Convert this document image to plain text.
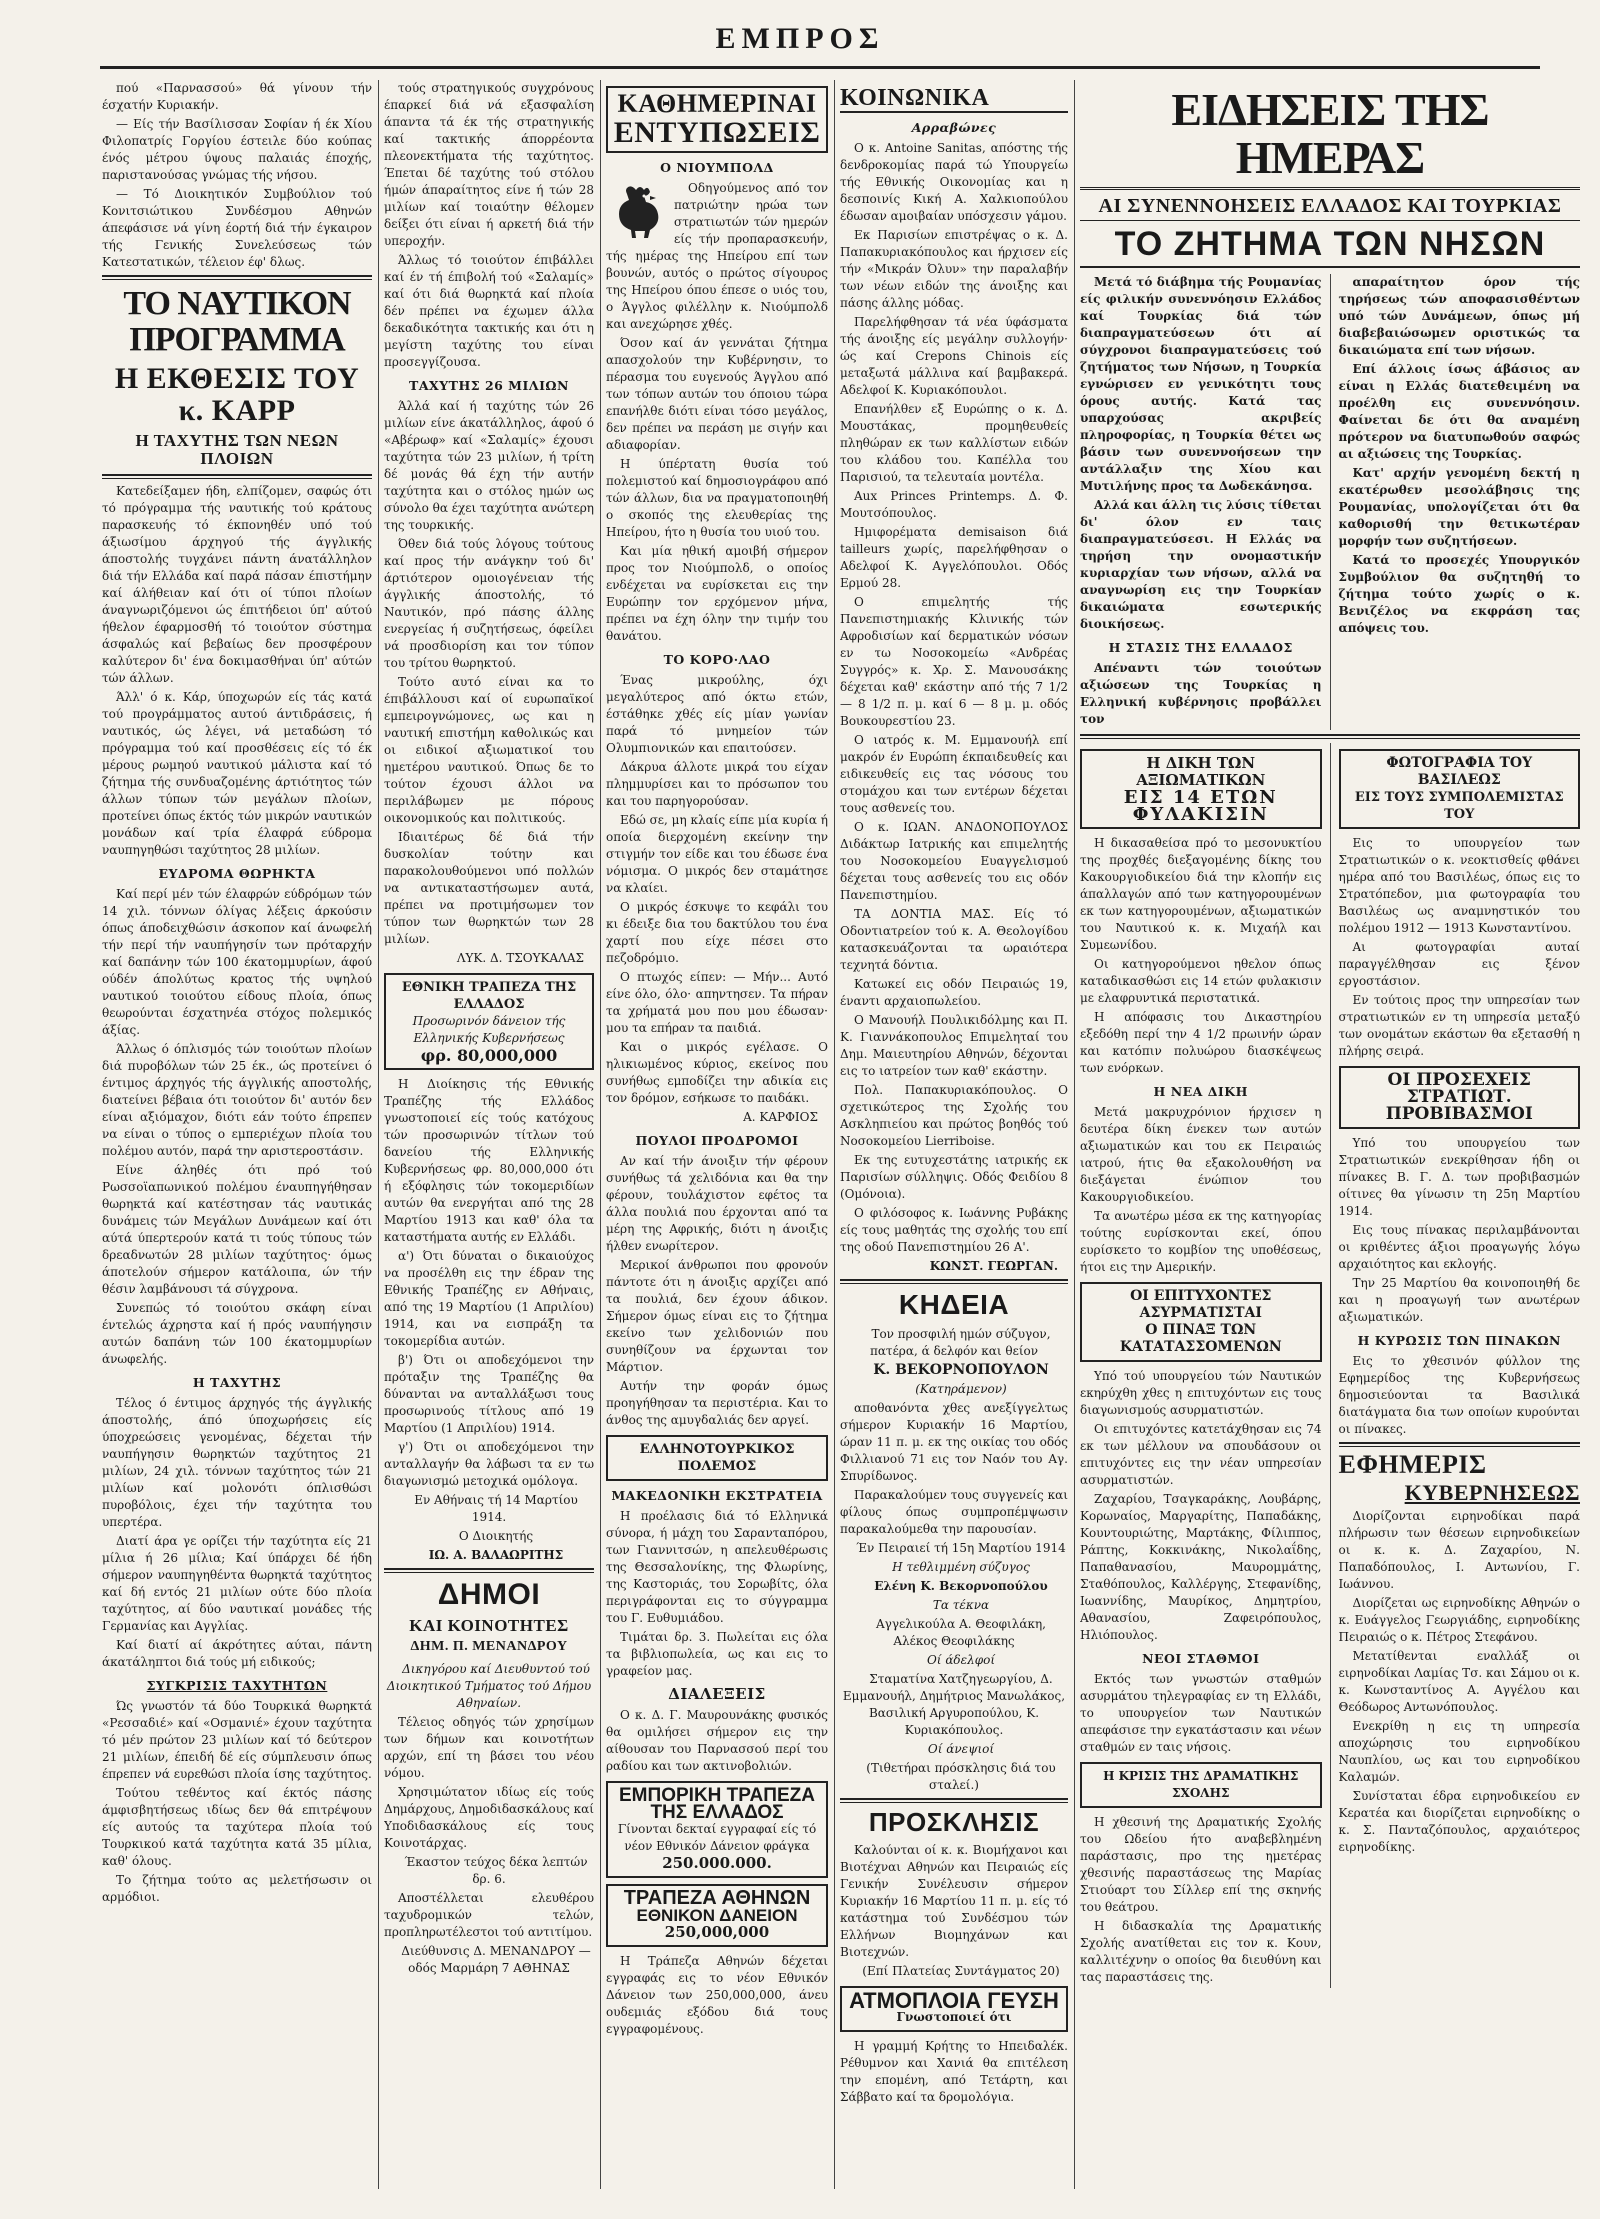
ΕΜΠΡΟΣ

πού «Παρνασσού» θά γίνουν τήν έσχατήν Κυριακήν.

— Είς τήν Βασίλισσαν Σοφίαν ή έκ Χίου Φιλοπατρίς Γοργίου έστειλε δύο κούπας ένός μέτρου ύψους παλαιάς έποχής, παριστανούσας γνώμας τής νήσου.

— Τό Διοικητικόν Συμβούλιον τού Κονιτσιώτικου Συνδέσμου Αθηνών άπεφάσισε νά γίνη έορτή διά τήν έγκαιρον τής Γενικής Συνελεύσεως τών Κατεστατικών, τέλειον έφ' δλως.

ΤΟ ΝΑΥΤΙΚΟΝ ΠΡΟΓΡΑΜΜΑ
Η ΕΚΘΕΣΙΣ ΤΟΥ κ. ΚΑΡΡ
Η ΤΑΧΥΤΗΣ ΤΩΝ ΝΕΩΝ ΠΛΟΙΩΝ

Κατεδείξαμεν ήδη, ελπίζομεν, σαφώς ότι τό πρόγραμμα τής ναυτικής τού κράτους παρασκευής τό έκπονηθέν υπό τού άξιωσίμου άρχηγού τής άγγλικής άποστολής τυγχάνει πάντη άνατάλληλον διά τήν Ελλάδα καί παρά πάσαν έπιστήμην καί άλήθειαν καί ότι οί τύποι πλοίων άναγνωριζόμενοι ώς έπιτήδειοι ύπ' αύτού ήθελον έφαρμοσθή τό τοιούτον σύστημα άσφαλώς καί βεβαίως δεν προσφέρουν καλύτερον δι' ένα δοκιμασθήναι ύπ' αύτών τών άλλων.

Άλλ' ό κ. Κάρ, ύποχωρών είς τάς κατά τού προγράμματος αυτού άντιδράσεις, ή ναυτικός, ώς λέγει, νά μεταδώση τό πρόγραμμα τού καί προσθέσεις είς τό έκ μέρους ρωμηού ναυτικού μάλιστα καί τό ζήτημα τής συνδυαζομένης άρτιότητος τών άλλων τύπων τών μεγάλων πλοίων, προτείνει όπως έκτός τών μικρών ναυτικών μονάδων καί τρία έλαφρά εύδρομα ναυπηγηθώσι ταχύτητος 28 μιλίων.

ΕΥΔΡΟΜΑ ΘΩΡΗΚΤΑ

Καί περί μέν τών έλαφρών εύδρόμων τών 14 χιλ. τόννων όλίγας λέξεις άρκούσιν όπως άποδειχθώσιν άσκοπον καί άνωφελή τήν περί τήν ναυπήγησίν των πρόταρχήν καί δαπάνην τών 100 έκατομμυρίων, άφού ούδέν άπολύτως κρατος τής υψηλού ναυτικού τοιούτου είδους πλοία, όπως θεωρούνται έσχατηνέα στόχος πολεμικός άξίας.

Άλλως ό όπλισμός τών τοιούτων πλοίων διά πυροβόλων τών 25 έκ., ώς προτείνει ό έντιμος άρχηγός τής άγγλικής αποστολής, διατείνει βέβαια ότι τοιούτον δι' αυτόν δεν είναι αξιόμαχον, διότι εάν τούτο έπρεπεν να είναι ο τύπος ο εμπεριέχων πλοία του πολέμου αυτόν, παρά την αριστεροστάσιν.

Είνε άληθές ότι πρό τού Ρωσσοϊαπωνικού πολέμου έναυπηγήθησαν θωρηκτά καί κατέστησαν τάς ναυτικάς δυνάμεις τών Μεγάλων Δυνάμεων καί ότι αύτά ύπερτερούν κατά τι τούς τύπους τών δρεαδνωτών 28 μιλίων ταχύτητος· όμως άποτελούν σήμερον κατάλοιπα, ών τήν θέσιν λαμβάνουσι τά σύγχρονα.

Συνεπώς τό τοιούτου σκάφη είναι έντελώς άχρηστα καί ή πρός ναυπήγησιν αυτών δαπάνη τών 100 έκατομμυρίων άνωφελής.

Η ΤΑΧΥΤΗΣ

Τέλος ό έντιμος άρχηγός τής άγγλικής άποστολής, άπό ύποχωρήσεις είς ύποχρεώσεις γενομένας, δέχεται τήν ναυπήγησιν θωρηκτών ταχύτητος 21 μιλίων, 24 χιλ. τόννων ταχύτητος τών 21 μιλίων καί μολονότι όπλισθώσι πυροβόλοις, έχει τήν ταχύτητα του υπερτέρα.

Διατί άρα γε ορίζει τήν ταχύτητα είς 21 μίλια ή 26 μίλια; Καί ύπάρχει δέ ήδη σήμερον ναυπηγηθέντα θωρηκτά ταχύτητος καί δή εντός 21 μιλίων ούτε δύο πλοία ταχύτητος, αί δύο ναυτικαί μονάδες τής Γερμανίας και Αγγλίας.

Καί διατί αί άκρότητες αύται, πάντη άκατάληπτοι διά τούς μή ειδικούς;

ΣΥΓΚΡΙΣΙΣ ΤΑΧΥΤΗΤΩΝ

Ώς γνωστόν τά δύο Τουρκικά θωρηκτά «Ρεσσαδιέ» καί «Οσμανιέ» έχουν ταχύτητα τό μέν πρώτον 23 μιλίων καί τό δεύτερον 21 μιλίων, έπειδή δέ είς σύμπλευσιν όπως έπρεπεν νά ευρεθώσι πλοία ίσης ταχύτητος.

Τούτου τεθέντος καί έκτός πάσης άμφισβητήσεως ιδίως δεν θά επιτρέψουν είς αυτούς τα ταχύτερα πλοία τού Τουρκικού κατά ταχύτητα κατά 35 μίλια, καθ' όλους.

Το ζήτημα τούτο ας μελετήσωσιν οι αρμόδιοι.

τούς στρατηγικούς συγχρόνους έπαρκεί διά νά εξασφαλίση άπαντα τά έκ τής στρατηγικής καί τακτικής άπορρέοντα πλεονεκτήματα τής ταχύτητος. Έπεται δέ ταχύτης τού στόλου ήμών άπαραίτητος είνε ή τών 28 μιλίων καί τοιαύτην θέλομεν δείξει ότι είναι ή αρκετή διά τήν υπεροχήν.

Άλλως τό τοιούτον έπιβάλλει καί έν τή έπιβολή τού «Σαλαμίς» καί ότι διά θωρηκτά καί πλοία δέν πρέπει να έχωμεν άλλα δεκαδικότητα τακτικής και ότι η μεγίστη ταχύτης του είναι προσεγγίζουσα.

ΤΑΧΥΤΗΣ 26 ΜΙΛΙΩΝ

Άλλά καί ή ταχύτης τών 26 μιλίων είνε άκατάλληλος, άφού ό «Αβέρωφ» καί «Σαλαμίς» έχουσι ταχύτητα τών 23 μιλίων, ή τρίτη δέ μονάς θά έχη τήν αυτήν ταχύτητα και ο στόλος ημών ως σύνολο θα έχει ταχύτητα ανώτερη της τουρκικής.

Όθεν διά τούς λόγους τούτους καί προς τήν ανάγκην τού δι' άρτιότερον ομοιογένειαν τής άγγλικής άποστολής, τό Ναυτικόν, πρό πάσης άλλης ενεργείας ή συζητήσεως, όφείλει νά προσδιορίση και τον τύπον του τρίτου θωρηκτού.

Τούτο αυτό είναι κα το έπιβάλλουσι καί οί ευρωπαϊκοί εμπειρογνώμονες, ως και η ναυτική επιστήμη καθολικώς και οι ειδικοί αξιωματικοί του ημετέρου ναυτικού. Όπως δε το τούτον έχουσι άλλοι να περιλάβωμεν με πόρους οικονομικούς και πολιτικούς.

Ιδιαιτέρως δέ διά τήν δυσκολίαν τούτην και παρακολουθούμενοι υπό πολλών να αντικαταστήσωμεν αυτά, πρέπει να προτιμήσωμεν τον τύπον των θωρηκτών των 28 μιλίων.

ΛΥΚ. Δ. ΤΣΟΥΚΑΛΑΣ
ΕΘΝΙΚΗ ΤΡΑΠΕΖΑ ΤΗΣ ΕΛΛΑΔΟΣ
Προσωρινόν δάνειον τής Ελληνικής Κυβερνήσεως
φρ. 80,000,000

Η Διοίκησις τής Εθνικής Τραπέζης τής Ελλάδος γνωστοποιεί είς τούς κατόχους τών προσωρινών τίτλων τού δανείου τής Ελληνικής Κυβερνήσεως φρ. 80,000,000 ότι ή εξόφλησις τών τοκομεριδίων αυτών θα ενεργήται από της 28 Μαρτίου 1913 και καθ' όλα τα καταστήματα αυτής εν Ελλάδι.

α') Ότι δύναται ο δικαιούχος να προσέλθη εις την έδραν της Εθνικής Τραπέζης εν Αθήναις, από της 19 Μαρτίου (1 Απριλίου) 1914, και να εισπράξη τα τοκομερίδια αυτών.

β') Ότι οι αποδεχόμενοι την πρόταξιν της Τραπέζης θα δύνανται να ανταλλάξωσι τους προσωρινούς τίτλους από 19 Μαρτίου (1 Απριλίου) 1914.

γ') Ότι οι αποδεχόμενοι την ανταλλαγήν θα λάβωσι τα εν τω διαγωνισμώ μετοχικά ομόλογα.

Εν Αθήναις τή 14 Μαρτίου 1914.

Ο Διοικητής

ΙΩ. Α. ΒΑΛΑΩΡΙΤΗΣ

ΔΗΜΟΙ
ΚΑΙ ΚΟΙΝΟΤΗΤΕΣ
ΔΗΜ. Π. ΜΕΝΑΝΔΡΟΥ

Δικηγόρου καί Διευθυντού τού Διοικητικού Τμήματος τού Δήμου Αθηναίων.

Τέλειος οδηγός τών χρησίμων των δήμων και κοινοτήτων αρχών, επί τη βάσει του νέου νόμου.

Χρησιμώτατον ιδίως είς τούς Δημάρχους, Δημοδιδασκάλους καί Υποδιδασκάλους είς τους Κοινοτάρχας.

Έκαστον τεύχος δέκα λεπτών δρ. 6.

Αποστέλλεται ελευθέρου ταχυδρομικών τελών, προπληρωτέλεστοι τού αντιτίμου.

Διεύθυνσις Δ. ΜΕΝΑΝΔΡΟΥ — οδός Μαρμάρη 7 ΑΘΗΝΑΣ

ΚΑΘΗΜΕΡΙΝΑΙ
ΕΝΤΥΠΩΣΕΙΣ
Ο ΝΙΟΥΜΠΟΛΔ

Οδηγούμενος από τον πατριώτην ηρώα των στρατιωτών τών ημερών είς τήν προπαρασκευήν, τής ημέρας της Ηπείρου επί των βουνών, αυτός ο πρώτος σίγουρος της Ηπείρου όπου έπεσε ο υιός του, ο Άγγλος φιλέλλην κ. Νιούμπολδ και ανεχώρησε χθές.

Όσον καί άν γεννάται ζήτημα απασχολούν την Κυβέρνησιν, το πέρασμα του ευγενούς Άγγλου από των τόπων αυτών του όποιου τώρα επανήλθε διότι είναι τόσο μεγάλος, δεν πρέπει να περάση με σιγήν και αδιαφορίαν.

Η ύπέρτατη θυσία τού πολεμιστού καί δημοσιογράφου από τών άλλων, δια να πραγματοποιηθή ο σκοπός της ελευθερίας της Ηπείρου, ήτο η θυσία του υιού του.

Και μία ηθική αμοιβή σήμερον προς τον Νιούμπολδ, ο οποίος ενδέχεται να ευρίσκεται εις την Ευρώπην τον ερχόμενον μήνα, πρέπει να έχη όλην την τιμήν του θανάτου.

ΤΟ ΚΟΡΟ·ΛΑΟ

Ένας μικρούλης, όχι μεγαλύτερος από όκτω ετών, έστάθηκε χθές είς μίαν γωνίαν παρά τό μνημείον τών Ολυμπιονικών και επαιτούσεν.

Δάκρυα άλλοτε μικρά του είχαν πλημμυρίσει και το πρόσωπον του και του παρηγορούσαν.

Εδώ σε, μη κλαίς είπε μία κυρία ή οποία διερχομένη εκείνην την στιγμήν τον είδε και του έδωσε ένα νόμισμα. Ο μικρός δεν σταμάτησε να κλαίει.

Ο μικρός έσκυψε το κεφάλι του κι έδειξε δια του δακτύλου του ένα χαρτί που είχε πέσει στο πεζοδρόμιο.

Ο πτωχός είπεν: — Μήν... Αυτό είνε όλο, όλο· απηντησεν. Τα πήραν τα χρήματά μου που μου έδωσαν· μου τα επήραν τα παιδιά.

Και ο μικρός εγέλασε. Ο ηλικιωμένος κύριος, εκείνος που συνήθως εμποδίζει την αδικία εις τον δρόμον, εσήκωσε το παιδάκι.

Α. ΚΑΡΦΙΟΣ
ΠΟΥΛΟΙ ΠΡΟΔΡΟΜΟΙ

Αν καί τήν άνοιξιν τήν φέρουν συνήθως τά χελιδόνια και θα την φέρουν, τουλάχιστον εφέτος τα άλλα πουλιά που έρχονται από τα μέρη της Αφρικής, διότι η άνοιξις ήλθεν ενωρίτερον.

Μερικοί άνθρωποι που φρονούν πάντοτε ότι η άνοιξις αρχίζει από τα πουλιά, δεν έχουν άδικον. Σήμερον όμως είναι εις το ζήτημα εκείνο των χελιδονιών που συνηθίζουν να έρχωνται τον Μάρτιον.

Αυτήν την φοράν όμως προηγήθησαν τα περιστέρια. Και το άνθος της αμυγδαλιάς δεν αργεί.

ΕΛΛΗΝΟΤΟΥΡΚΙΚΟΣ ΠΟΛΕΜΟΣ
ΜΑΚΕΔΟΝΙΚΗ ΕΚΣΤΡΑΤΕΙΑ

Η προέλασις διά τό Ελληνικά σύνορα, ή μάχη του Σαρανταπόρου, των Γιαννιτσών, η απελευθέρωσις της Θεσσαλονίκης, της Φλωρίνης, της Καστοριάς, του Σορωβίτς, όλα περιγράφονται εις το σύγγραμμα του Γ. Ευθυμιάδου.

Τιμάται δρ. 3. Πωλείται εις όλα τα βιβλιοπωλεία, ως και εις το γραφείον μας.

ΔΙΑΛΕΞΕΙΣ

Ο κ. Δ. Γ. Μαυρουνάκης φυσικός θα ομιλήσει σήμερον εις την αίθουσαν του Παρνασσού περί του ραδίου και των ακτινοβολιών.

ΕΜΠΟΡΙΚΗ ΤΡΑΠΕΖΑ
ΤΗΣ ΕΛΛΑΔΟΣ
Γίνονται δεκταί εγγραφαί είς τό νέον Εθνικόν Δάνειον φράγκα
250.000.000.
ΤΡΑΠΕΖΑ ΑΘΗΝΩΝ
ΕΘΝΙΚΟΝ ΔΑΝΕΙΟΝ
250,000,000

Η Τράπεζα Αθηνών δέχεται εγγραφάς εις το νέον Εθνικόν Δάνειον των 250,000,000, άνευ ουδεμιάς εξόδου διά τους εγγραφομένους.

ΚΟΙΝΩΝΙΚΑ
Αρραβώνες

Ο κ. Antoine Sanitas, απόστης τής δενδροκομίας παρά τώ Υπουργείω τής Εθνικής Οικονομίας και η δεσποινίς Κική Α. Χαλκιοπούλου έδωσαν αμοιβαίαν υπόσχεσιν γάμου.

Εκ Παρισίων επιστρέψας ο κ. Δ. Παπακυριακόπουλος και ήρχισεν είς τήν «Μικράν Όλυν» την παραλαβήν των νέων ειδών της άνοιξης και πάσης άλλης μόδας.

Παρελήφθησαν τά νέα ύφάσματα τής άνοιξης είς μεγάλην συλλογήν· ώς καί Crepons Chinois είς μεταξωτά μάλλινα καί βαμβακερά. Αδελφοί Κ. Κυριακόπουλοι.

Επανήλθεν εξ Ευρώπης ο κ. Δ. Μουστάκας, προμηθευθείς πληθώραν εκ των καλλίστων ειδών του κλάδου του. Καπέλλα του Παρισιού, τα τελευταία μοντέλα.

Aux Princes Printemps. Δ. Φ. Μουτσόπουλος.

Ημιφορέματα demisaison διά tailleurs χωρίς, παρελήφθησαν ο Αδελφοί Κ. Αγγελόπουλοι. Οδός Ερμού 28.

Ο επιμελητής τής Πανεπιστημιακής Κλινικής τών Αφροδισίων καί δερματικών νόσων εν τω Νοσοκομείω «Ανδρέας Συγγρός» κ. Χρ. Σ. Μανουσάκης δέχεται καθ' εκάστην από τής 7 1/2 — 8 1/2 π. μ. καί 6 — 8 μ. μ. οδός Βουκουρεστίου 23.

Ο ιατρός κ. Μ. Εμμανουήλ επί μακρόν έν Ευρώπη έκπαιδευθείς και ειδικευθείς εις τας νόσους του στομάχου και των εντέρων δέχεται τους ασθενείς του.

Ο κ. ΙΩΑΝ. ΑΝΔΟΝΟΠΟΥΛΟΣ Διδάκτωρ Ιατρικής και επιμελητής του Νοσοκομείου Ευαγγελισμού δέχεται τους ασθενείς του εις οδόν Πανεπιστημίου.

ΤΑ ΔΟΝΤΙΑ ΜΑΣ. Είς τό Οδοντιατρείον τού κ. Α. Θεολογίδου κατασκευάζονται τα ωραιότερα τεχνητά δόντια.

Κατωκεί εις οδόν Πειραιώς 19, έναντι αρχαιοπωλείου.

Ο Μανουήλ Πουλικιδόλμης και Π. Κ. Γιαννάκοπουλος Επιμεληταί του Δημ. Μαιευτηρίου Αθηνών, δέχονται εις το ιατρείον των καθ' εκάστην.

Πολ. Παπακυριακόπουλος. Ο σχετικώτερος της Σχολής του Ασκληπιείου και πρώτος βοηθός τού Νοσοκομείου Lierriboise.

Εκ της ευτυχεστάτης ιατρικής εκ Παρισίων σύλληψις. Οδός Φειδίου 8 (Ομόνοια).

Ο φιλόσοφος κ. Ιωάννης Ρυβάκης είς τους μαθητάς της σχολής του επί της οδού Πανεπιστημίου 26 Α'.

ΚΩΝΣΤ. ΓΕΩΡΓΑΝ.
ΚΗΔΕΙΑ

Τον προσφιλή ημών σύζυγον, πατέρα, ά δελφόν και θείον

Κ. ΒΕΚΟΡΝΟΠΟΥΛΟΝ

(Κατηράμενον)

αποθανόντα χθες ανεξίγγελτως σήμερον Κυριακήν 16 Μαρτίου, ώραν 11 π. μ. εκ της οικίας του οδός Φιλλιανού 71 εις τον Ναόν του Αγ. Σπυρίδωνος.

Παρακαλούμεν τους συγγενείς και φίλους όπως συμπροπέμψωσιν παρακαλούμεθα την παρουσίαν.

Έν Πειραιεί τή 15η Μαρτίου 1914

Η τεθλιμμένη σύζυγος

Ελένη Κ. Βεκορνοπούλου

Τα τέκνα

Αγγελικούλα Α. Θεοφιλάκη, Αλέκος Θεοφιλάκης

Οί άδελφοί

Σταματίνα Χατζηγεωργίου, Δ. Εμμανουήλ, Δημήτριος Μανωλάκος, Βασιλική Αργυροπούλου, Κ. Κυριακόπουλος.

Οί άνεψιοί

(Τιθετήραι πρόσκλησις διά του σταλεί.)

ΠΡΟΣΚΛΗΣΙΣ

Καλούνται οί κ. κ. Βιομήχανοι και Βιοτέχναι Αθηνών και Πειραιώς είς Γενικήν Συνέλευσιν σήμερον Κυριακήν 16 Μαρτίου 11 π. μ. είς τό κατάστημα τού Συνδέσμου τών Ελλήνων Βιομηχάνων και Βιοτεχνών.

(Επί Πλατείας Συντάγματος 20)

ΑΤΜΟΠΛΟΙΑ ΓΕΥΣΗ
Γνωστοποιεί ότι

Η γραμμή Κρήτης το Ηπειδαλέκ. Ρέθυμνον και Χανιά θα επιτέλεση την επομένη, από Τετάρτη, και Σάββατο καί τα δρομολόγια.

ΕΙΔΗΣΕΙΣ ΤΗΣ ΗΜΕΡΑΣ
ΑΙ ΣΥΝΕΝΝΟΗΣΕΙΣ ΕΛΛΑΔΟΣ ΚΑΙ ΤΟΥΡΚΙΑΣ
ΤΟ ΖΗΤΗΜΑ ΤΩΝ ΝΗΣΩΝ

Μετά τό διάβημα τής Ρουμανίας είς φιλικήν συνεννόησιν Ελλάδος καί Τουρκίας διά τών διαπραγματεύσεων ότι αί σύγχρονοι διαπραγματεύσεις τού ζητήματος των Νήσων, η Τουρκία εγνώρισεν εν γενικότητι τους όρους αυτής. Κατά τας υπαρχούσας ακριβείς πληροφορίας, η Τουρκία θέτει ως βάσιν των συνεννοήσεων την αντάλλαξιν της Χίου και Μυτιλήνης προς τα Δωδεκάνησα.

Αλλά και άλλη τις λύσις τίθεται δι' όλον εν ταις διαπραγματεύσεσι. Η Ελλάς να τηρήση την ονομαστικήν κυριαρχίαν των νήσων, αλλά να αναγνωρίση εις την Τουρκίαν δικαιώματα εσωτερικής διοικήσεως.

Η ΣΤΑΣΙΣ ΤΗΣ ΕΛΛΑΔΟΣ

Απέναντι τών τοιούτων αξιώσεων της Τουρκίας η Ελληνική κυβέρνησις προβάλλει τον

απαραίτητον όρον τής τηρήσεως τών αποφασισθέντων υπό τών Δυνάμεων, όπως μή διαβεβαιώσωμεν οριστικώς τα δικαιώματα επί των νήσων.

Επί άλλοις ίσως άβάσιος αν είναι η Ελλάς διατεθειμένη να προέλθη εις συνεννόησιν. Φαίνεται δε ότι θα αναμένη πρότερον να διατυπωθούν σαφώς αι αξιώσεις της Τουρκίας.

Κατ' αρχήν γενομένη δεκτή η εκατέρωθεν μεσολάβησις της Ρουμανίας, υπολογίζεται ότι θα καθορισθή την θετικωτέραν μορφήν των συζητήσεων.

Κατά το προσεχές Υπουργικόν Συμβούλιον θα συζητηθή το ζήτημα τούτο χωρίς ο κ. Βενιζέλος να εκφράση τας απόψεις του.

Η ΔΙΚΗ ΤΩΝ ΑΞΙΩΜΑΤΙΚΩΝ
ΕΙΣ 14 ΕΤΩΝ ΦΥΛΑΚΙΣΙΝ

Η δικασαθείσα πρό το μεσονυκτίου της προχθές διεξαγομένης δίκης του Κακουργιοδικείου διά την κλοπήν εις άπαλλαγών από των κατηγορουμένων εκ των κατηγορουμένων, αξιωματικών του Ναυτικού κ. κ. Μιχαήλ και Συμεωνίδου.

Οι κατηγορούμενοι ηθελον όπως καταδικασθώσι εις 14 ετών φυλακισιν με ελαφρυντικά περιστατικά.

Η απόφασις του Δικαστηρίου εξεδόθη περί την 4 1/2 πρωινήν ώραν και κατόπιν πολυώρου διασκέψεως των ενόρκων.

Η ΝΕΑ ΔΙΚΗ

Μετά μακρυχρόνιον ήρχισεν η δευτέρα δίκη ένεκεν των αυτών αξιωματικών και του εκ Πειραιώς ιατρού, ήτις θα εξακολουθήση να διεξάγεται ένώπιον του Κακουργιοδικείου.

Τα ανωτέρω μέσα εκ της κατηγορίας τούτης ευρίσκονται εκεί, όπου ευρίσκετο το κομβίον της υποθέσεως, ήτοι εις την Αμερικήν.

ΟΙ ΕΠΙΤΥΧΟΝΤΕΣ ΑΣΥΡΜΑΤΙΣΤΑΙ
Ο ΠΙΝΑΞ ΤΩΝ ΚΑΤΑΤΑΣΣΟΜΕΝΩΝ

Υπό τού υπουργείου τών Ναυτικών εκηρύχθη χθες η επιτυχόντων εις τους διαγωνισμούς ασυρματιστών.

Οι επιτυχόντες κατετάχθησαν εις 74 εκ των μέλλουν να σπουδάσουν οι επιτυχόντες εις την νέαν υπηρεσίαν ασυρματιστών.

Ζαχαρίου, Τσαγκαράκης, Λουβάρης, Κορωναίος, Μαργαρίτης, Παπαδάκης, Κουντουριώτης, Μαρτάκης, Φίλιππος, Ράπτης, Κοκκινάκης, Νικολαΐδης, Παπαθανασίου, Μαυρομμάτης, Σταθόπουλος, Καλλέργης, Στεφανίδης, Ιωαννίδης, Μαυρίκος, Δημητρίου, Αθανασίου, Ζαφειρόπουλος, Ηλιόπουλος.

ΝΕΟΙ ΣΤΑΘΜΟΙ

Εκτός των γνωστών σταθμών ασυρμάτου τηλεγραφίας εν τη Ελλάδι, το υπουργείον των Ναυτικών απεφάσισε την εγκατάστασιν και νέων σταθμών εν ταις νήσοις.

Η ΚΡΙΣΙΣ ΤΗΣ ΔΡΑΜΑΤΙΚΗΣ ΣΧΟΛΗΣ

Η χθεσινή της Δραματικής Σχολής του Ωδείου ήτο αναβεβλημένη παράστασις, προ της ημετέρας χθεσινής παραστάσεως της Μαρίας Στιούαρτ του Σίλλερ επί της σκηνής του θεάτρου.

Η διδασκαλία της Δραματικής Σχολής ανατίθεται εις τον κ. Κουν, καλλιτέχνην ο οποίος θα διευθύνη και τας παραστάσεις της.

ΦΩΤΟΓΡΑΦΙΑ ΤΟΥ ΒΑΣΙΛΕΩΣ
ΕΙΣ ΤΟΥΣ ΣΥΜΠΟΛΕΜΙΣΤΑΣ ΤΟΥ

Εις το υπουργείον των Στρατιωτικών ο κ. νεοκτισθείς φθάνει ημέρα από του Βασιλέως, όπως εις το Στρατόπεδον, μια φωτογραφία του Βασιλέως ως αναμνηστικόν του πολέμου 1912 — 1913 Κωνσταντίνου.

Αι φωτογραφίαι αυταί παραγγέλθησαν εις ξένον εργοστάσιον.

Εν τούτοις προς την υπηρεσίαν των στρατιωτικών εν τη υπηρεσία μεταξύ των ονομάτων εκάστων θα εξετασθή η πλήρης σειρά.

ΟΙ ΠΡΟΣΕΧΕΙΣ ΣΤΡΑΤΙΩΤ. ΠΡΟΒΙΒΑΣΜΟΙ

Υπό του υπουργείου των Στρατιωτικών ενεκρίθησαν ήδη οι πίνακες Β. Γ. Δ. των προβιβασμών οίτινες θα γίνωσιν τη 25η Μαρτίου 1914.

Εις τους πίνακας περιλαμβάνονται οι κριθέντες άξιοι προαγωγής λόγω αρχαιότητος και εκλογής.

Την 25 Μαρτίου θα κοινοποιηθή δε και η προαγωγή των ανωτέρων αξιωματικών.

Η ΚΥΡΩΣΙΣ ΤΩΝ ΠΙΝΑΚΩΝ

Εις το χθεσινόν φύλλον της Εφημερίδος της Κυβερνήσεως δημοσιεύονται τα Βασιλικά διατάγματα δια των οποίων κυρούνται οι πίνακες.

ΕΦΗΜΕΡΙΣ
ΚΥΒΕΡΝΗΣΕΩΣ

Διορίζονται ειρηνοδίκαι παρά πλήρωσιν των θέσεων ειρηνοδικείων οι κ. κ. Δ. Ζαχαρίου, Ν. Παπαδόπουλος, Ι. Αντωνίου, Γ. Ιωάννου.

Διορίζεται ως ειρηνοδίκης Αθηνών ο κ. Ευάγγελος Γεωργιάδης, ειρηνοδίκης Πειραιώς ο κ. Πέτρος Στεφάνου.

Μετατίθενται εναλλάξ οι ειρηνοδίκαι Λαμίας Τσ. και Σάμου οι κ. κ. Κωνσταντίνος Α. Αγγέλου και Θεόδωρος Αντωνόπουλος.

Ενεκρίθη η εις τη υπηρεσία αποχώρησις του ειρηνοδίκου Ναυπλίου, ως και του ειρηνοδίκου Καλαμών.

Συνίσταται έδρα ειρηνοδικείου εν Κερατέα και διορίζεται ειρηνοδίκης ο κ. Σ. Πανταζόπουλος, αρχαιότερος ειρηνοδίκης.
